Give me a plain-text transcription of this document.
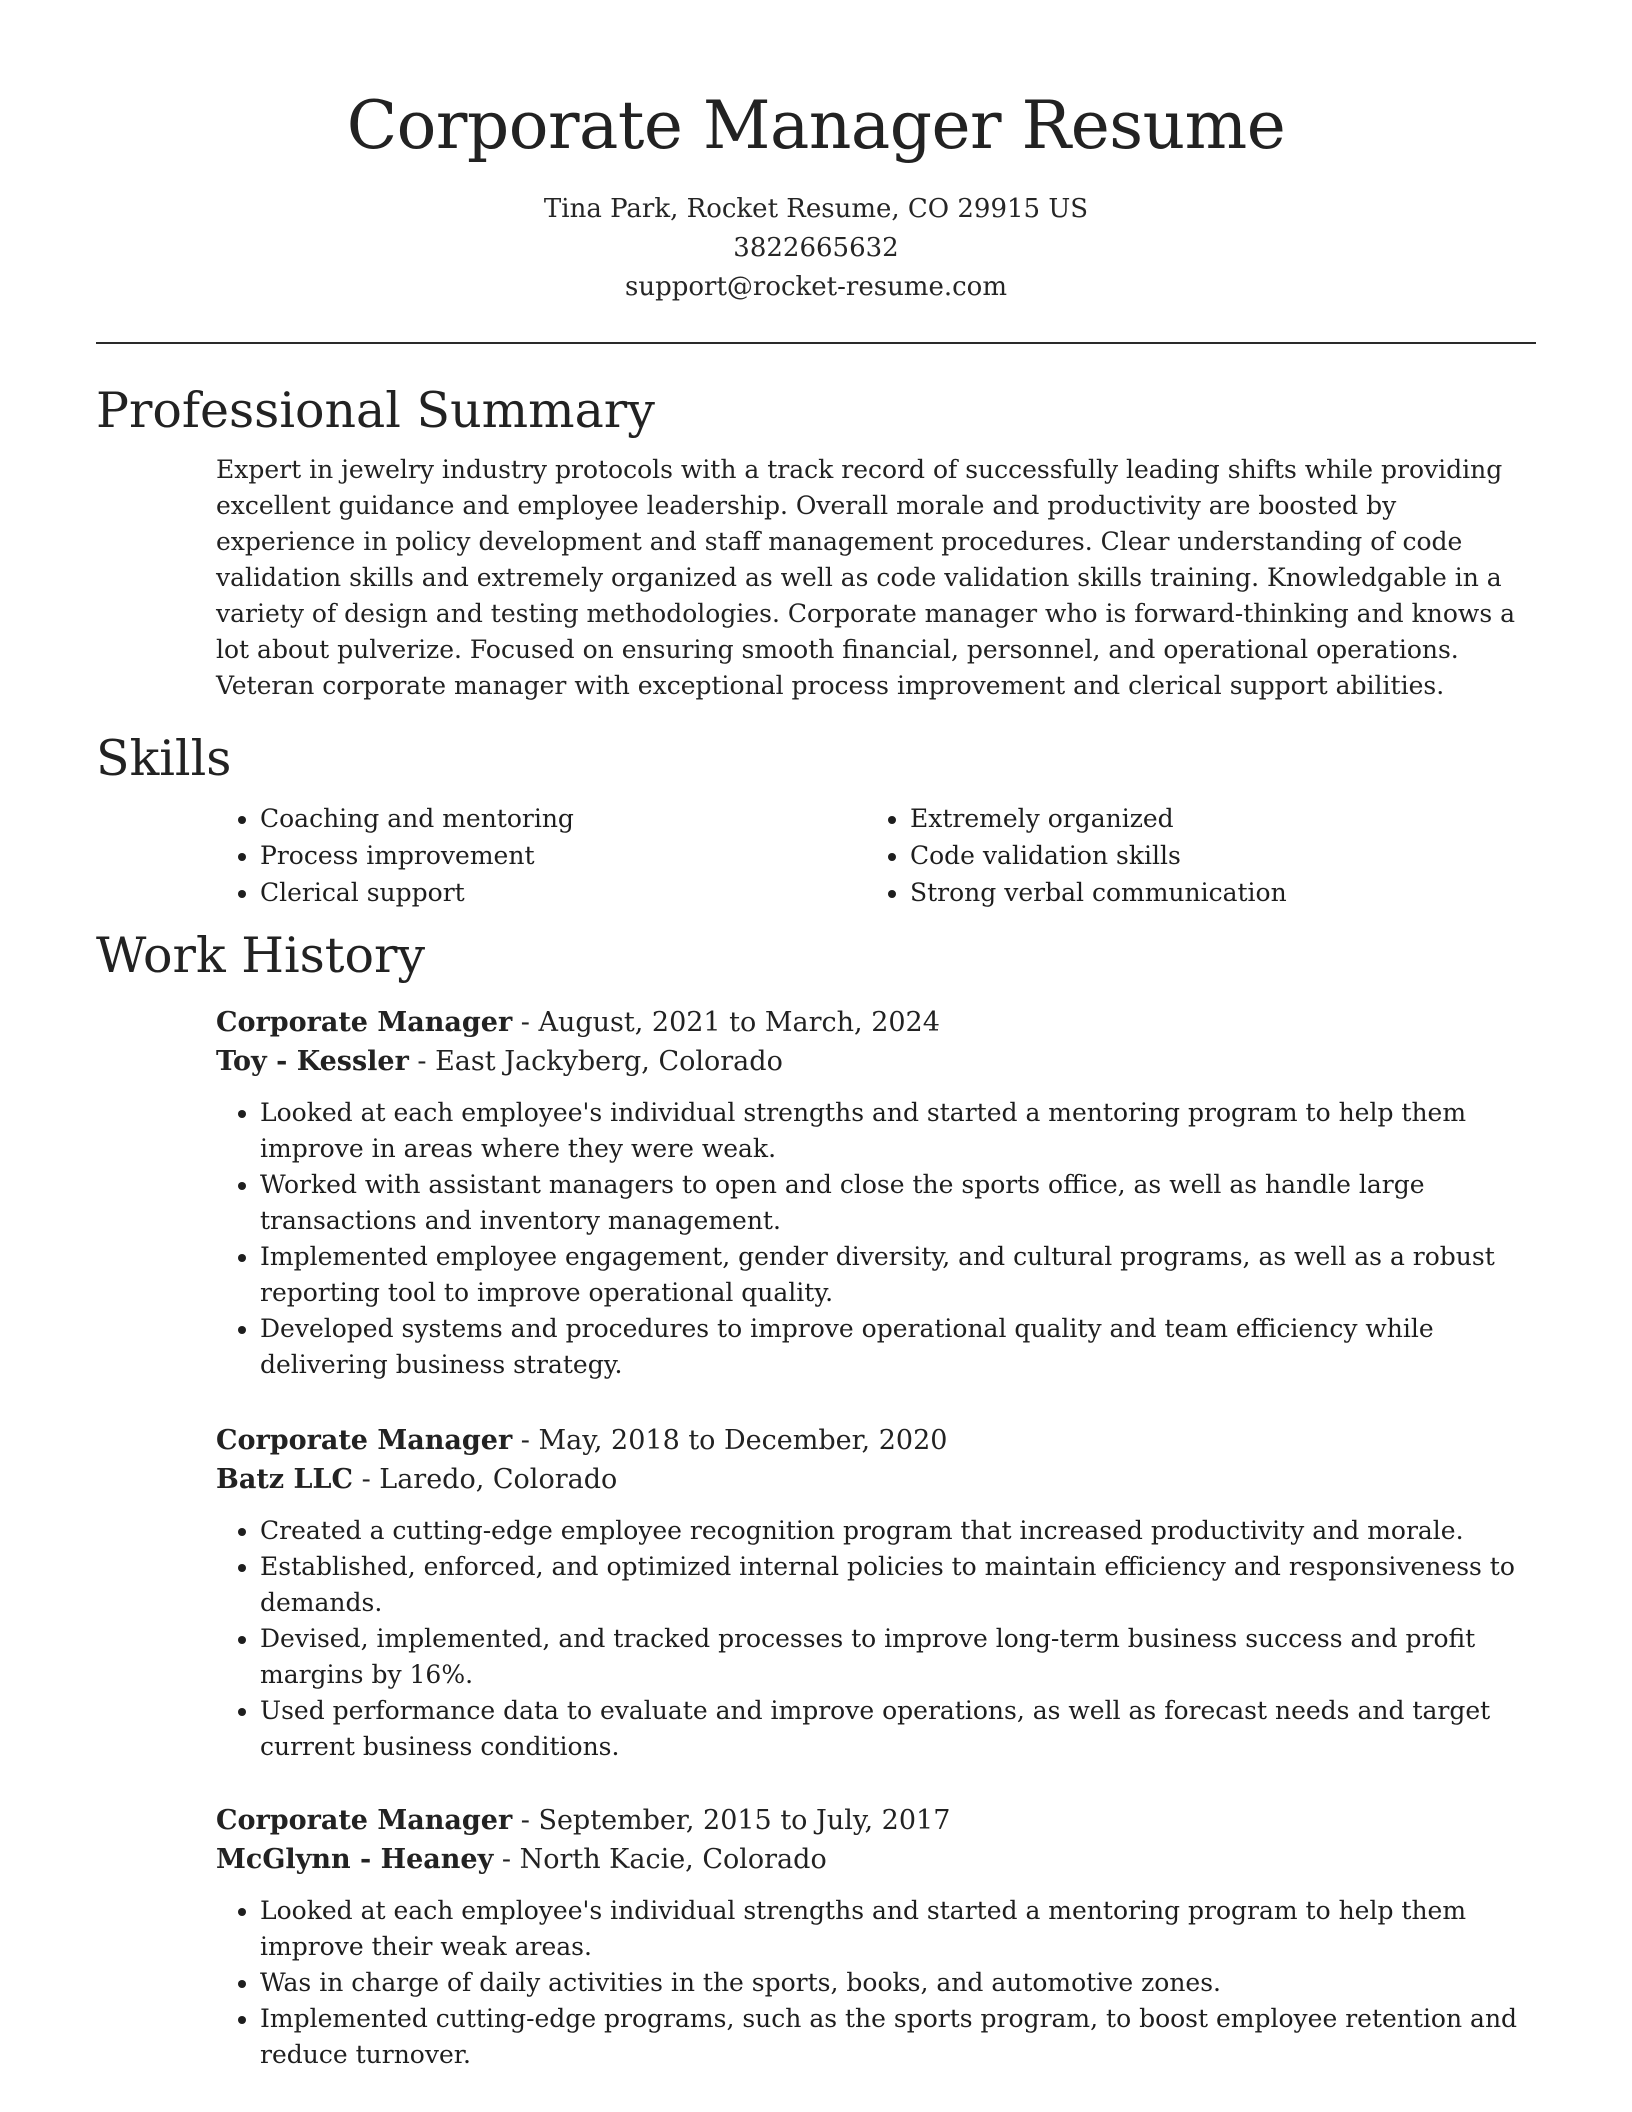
Corporate Manager Resume
Tina Park, Rocket Resume, CO 29915 US
3822665632
support@rocket-resume.com
Professional Summary

Expert in jewelry industry protocols with a track record of successfully leading shifts while providing excellent guidance and employee leadership. Overall morale and productivity are boosted by experience in policy development and staff management procedures. Clear understanding of code validation skills and extremely organized as well as code validation skills training. Knowledgable in a variety of design and testing methodologies. Corporate manager who is forward-thinking and knows a lot about pulverize. Focused on ensuring smooth financial, personnel, and operational operations. Veteran corporate manager with exceptional process improvement and clerical support abilities.

Skills
• Coaching and mentoring
• Process improvement
• Clerical support
• Extremely organized
• Code validation skills
• Strong verbal communication
Work History
Corporate Manager - August, 2021 to March, 2024
Toy - Kessler - East Jackyberg, Colorado
• Looked at each employee's individual strengths and started a mentoring program to help them improve in areas where they were weak.
• Worked with assistant managers to open and close the sports office, as well as handle large transactions and inventory management.
• Implemented employee engagement, gender diversity, and cultural programs, as well as a robust reporting tool to improve operational quality.
• Developed systems and procedures to improve operational quality and team efficiency while delivering business strategy.
Corporate Manager - May, 2018 to December, 2020
Batz LLC - Laredo, Colorado
• Created a cutting-edge employee recognition program that increased productivity and morale.
• Established, enforced, and optimized internal policies to maintain efficiency and responsiveness to demands.
• Devised, implemented, and tracked processes to improve long-term business success and profit margins by 16%.
• Used performance data to evaluate and improve operations, as well as forecast needs and target current business conditions.
Corporate Manager - September, 2015 to July, 2017
McGlynn - Heaney - North Kacie, Colorado
• Looked at each employee's individual strengths and started a mentoring program to help them improve their weak areas.
• Was in charge of daily activities in the sports, books, and automotive zones.
• Implemented cutting-edge programs, such as the sports program, to boost employee retention and reduce turnover.
